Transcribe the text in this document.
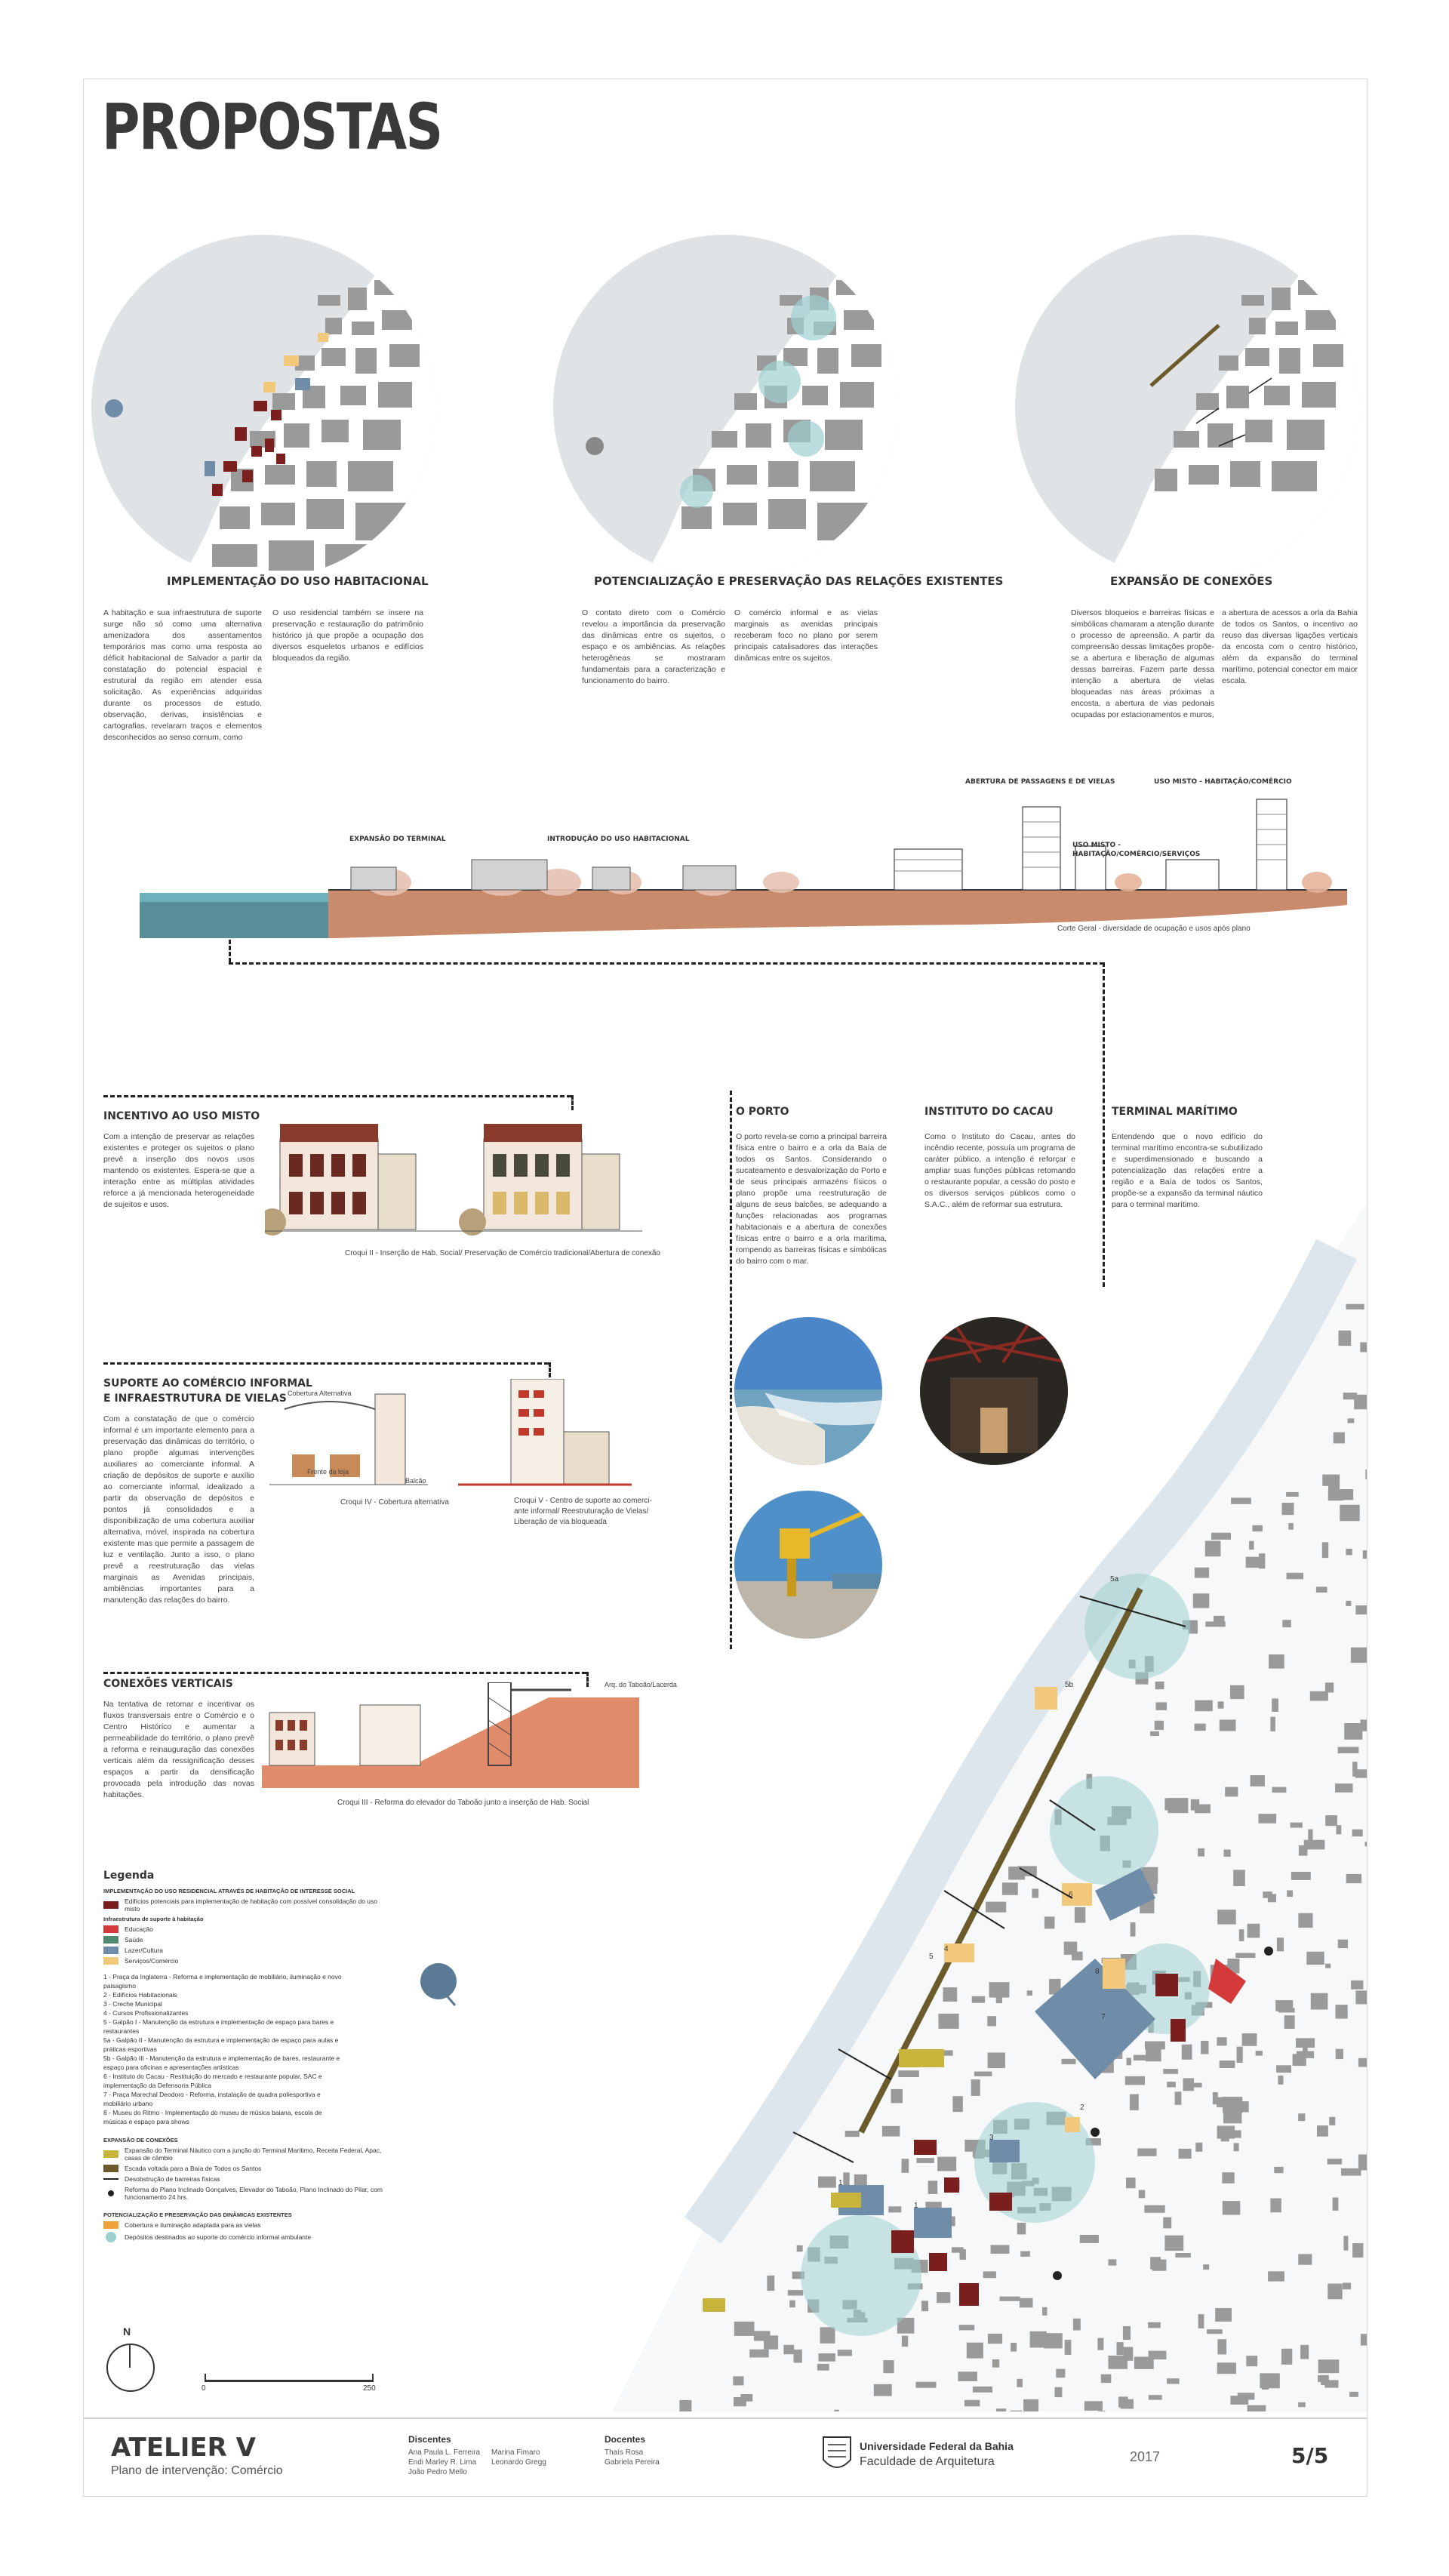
PROPOSTAS
IMPLEMENTAÇÃO DO USO HABITACIONAL	POTENCIALIZAÇÃO E PRESERVAÇÃO DAS RELAÇÕES EXISTENTES	EXPANSÃO DE CONEXÕES
A habitação e sua infraestrutura de suporte surge não só como uma alternativa amenizadora dos assentamentos temporários mas como uma resposta ao déficit habitacional de Salvador a partir da constatação do potencial espacial e estrutural da região em atender essa solicitação. As experiências adquiridas durante os processos de estudo, observação, derivas, insistências e cartografias, revelaram traços e elementos desconhecidos ao senso comum, como
O uso residencial também se insere na preservação e restauração do patrimônio histórico já que propõe a ocupação dos diversos esqueletos urbanos e edifícios bloqueados da região.
O contato direto com o Comércio revelou a importância da preservação das dinâmicas entre os sujeitos, o espaço e os ambiências. As relações heterogêneas se mostraram fundamentais para a caracterização e funcionamento do bairro.
O comércio informal e as vielas marginais as avenidas principais receberam foco no plano por serem principais catalisadores das interações dinâmicas entre os sujeitos.
Diversos bloqueios e barreiras físicas e simbólicas chamaram a atenção durante o processo de apreensão. A partir da compreensão dessas limitações propõe-se a abertura e liberação de algumas dessas barreiras. Fazem parte dessa intenção a abertura de vielas bloqueadas nas áreas próximas a encosta, a abertura de vias pedonais ocupadas por estacionamentos e muros,
a abertura de acessos a orla da Bahia de todos os Santos, o incentivo ao reuso das diversas ligações verticais da encosta com o centro histórico, além da expansão do terminal marítimo, potencial conector em maior escala.
EXPANSÃO DO TERMINAL	INTRODUÇÃO DO USO HABITACIONAL
ABERTURA DE PASSAGENS E DE VIELAS	USO MISTO - HABITAÇÃO/COMÉRCIO
USO MISTO -
HABITAÇÃO/COMÉRCIO/SERVIÇOS
Corte Geral - diversidade de ocupação e usos após plano
INCENTIVO AO USO MISTO
Com a intenção de preservar as relações existentes e proteger os sujeitos o plano prevê a inserção dos novos usos mantendo os existentes. Espera-se que a interação entre as múltiplas atividades reforce a já mencionada heterogeneidade de sujeitos e usos.
Croqui II - Inserção de Hab. Social/ Preservação de Comércio tradicional/Abertura de conexão
SUPORTE AO COMÉRCIO INFORMAL
E INFRAESTRUTURA DE VIELAS
Com a constatação de que o comércio informal é um importante elemento para a preservação das dinâmicas do território, o plano propõe algumas intervenções auxiliares ao comerciante informal. A criação de depósitos de suporte e auxílio ao comerciante informal, idealizado a partir da observação de depósitos e pontos já consolidados e a disponibilização de uma cobertura auxiliar alternativa, móvel, inspirada na cobertura existente mas que permite a passagem de luz e ventilação. Junto a isso, o plano prevê a reestruturação das vielas marginais as Avenidas principais, ambiências importantes para a manutenção das relações do bairro.
Cobertura Alternativa
Frente da loja
Balcão
Croqui IV - Cobertura alternativa	Croqui V - Centro de suporte ao comerci-
ante informal/ Reestruturação de Vielas/
Liberação de via bloqueada
CONEXÕES VERTICAIS
Na tentativa de retomar e incentivar os fluxos transversais entre o Comércio e o Centro Histórico e aumentar a permeabilidade do território, o plano prevê a reforma e reinauguração das conexões verticais além da ressignificação desses espaços a partir da densificação provocada pela introdução das novas habitações.
Arq. do Taboão/Lacerda
Croqui III - Reforma do elevador do Taboão junto a inserção de Hab. Social
O PORTO
O porto revela-se como a principal barreira física entre o bairro e a orla da Baía de todos os Santos. Considerando o sucateamento e desvalorização do Porto e de seus principais armazéns físicos o plano propõe uma reestruturação de alguns de seus balcões, se adequando a funções relacionadas aos programas habitacionais e a abertura de conexões físicas entre o bairro e a orla marítima, rompendo as barreiras físicas e simbólicas do bairro com o mar.
INSTITUTO DO CACAU
Como o Instituto do Cacau, antes do incêndio recente, possuía um programa de caráter público, a intenção é reforçar e ampliar suas funções públicas retomando o restaurante popular, a cessão do posto e os diversos serviços públicos como o S.A.C., além de reformar sua estrutura.
TERMINAL MARÍTIMO
Entendendo que o novo edifício do terminal marítimo encontra-se subutilizado e superdimensionado e buscando a potencialização das relações entre a região e a Baía de todos os Santos, propõe-se a expansão da terminal náutico para o terminal marítimo.
1
1
2
3
4
5
5a
5b
6
7
8
Legenda
IMPLEMENTAÇÃO DO USO RESIDENCIAL ATRAVÉS DE HABITAÇÃO DE INTERESSE SOCIAL
Edifícios potenciais para implementação de habitação com possível consolidação do uso misto
Infraestrutura de suporte à habitação
Educação
Saúde
Lazer/Cultura
Serviços/Comércio
1 - Praça da Inglaterra - Reforma e implementação de mobiliário, iluminação e novo paisagismo
2 - Edifícios Habitacionais
3 - Creche Municipal
4 - Cursos Profissionalizantes
5 - Galpão I - Manutenção da estrutura e implementação de espaço para bares e restaurantes
5a - Galpão II - Manutenção da estrutura e implementação de espaço para aulas e práticas esportivas
5b - Galpão III - Manutenção da estrutura e implementação de bares, restaurante e espaço para oficinas e apresentações artísticas
6 - Instituto do Cacau - Restituição do mercado e restaurante popular, SAC e implementação da Defensoria Pública
7 - Praça Marechal Deodoro - Reforma, instalação de quadra poliesportiva e mobiliário urbano
8 - Museu do Ritmo - Implementação do museu de música baiana, escola de músicas e espaço para shows
EXPANSÃO DE CONEXÕES
Expansão do Terminal Náutico com a junção do Terminal Marítimo, Receita Federal, Apac, casas de câmbio
Escada voltada para a Baía de Todos os Santos
Desobstrução de barreiras físicas
Reforma do Plano Inclinado Gonçalves, Elevador do Taboão, Plano Inclinado do Pilar, com funcionamento 24 hrs.
POTENCIALIZAÇÃO E PRESERVAÇÃO DAS DINÂMICAS EXISTENTES
Cobertura e iluminação adaptada para as vielas
Depósitos destinados ao suporte do comércio informal ambulante
N
0	250
ATELIER V
Plano de intervenção: Comércio
Discentes
Ana Paula L. Ferreira
Endi Marley R. Lima
João Pedro Mello
Marina Fimaro
Leonardo Gregg
Docentes
Thaís Rosa
Gabriela Pereira
Universidade Federal da Bahia
Faculdade de Arquitetura	2017	5/5
